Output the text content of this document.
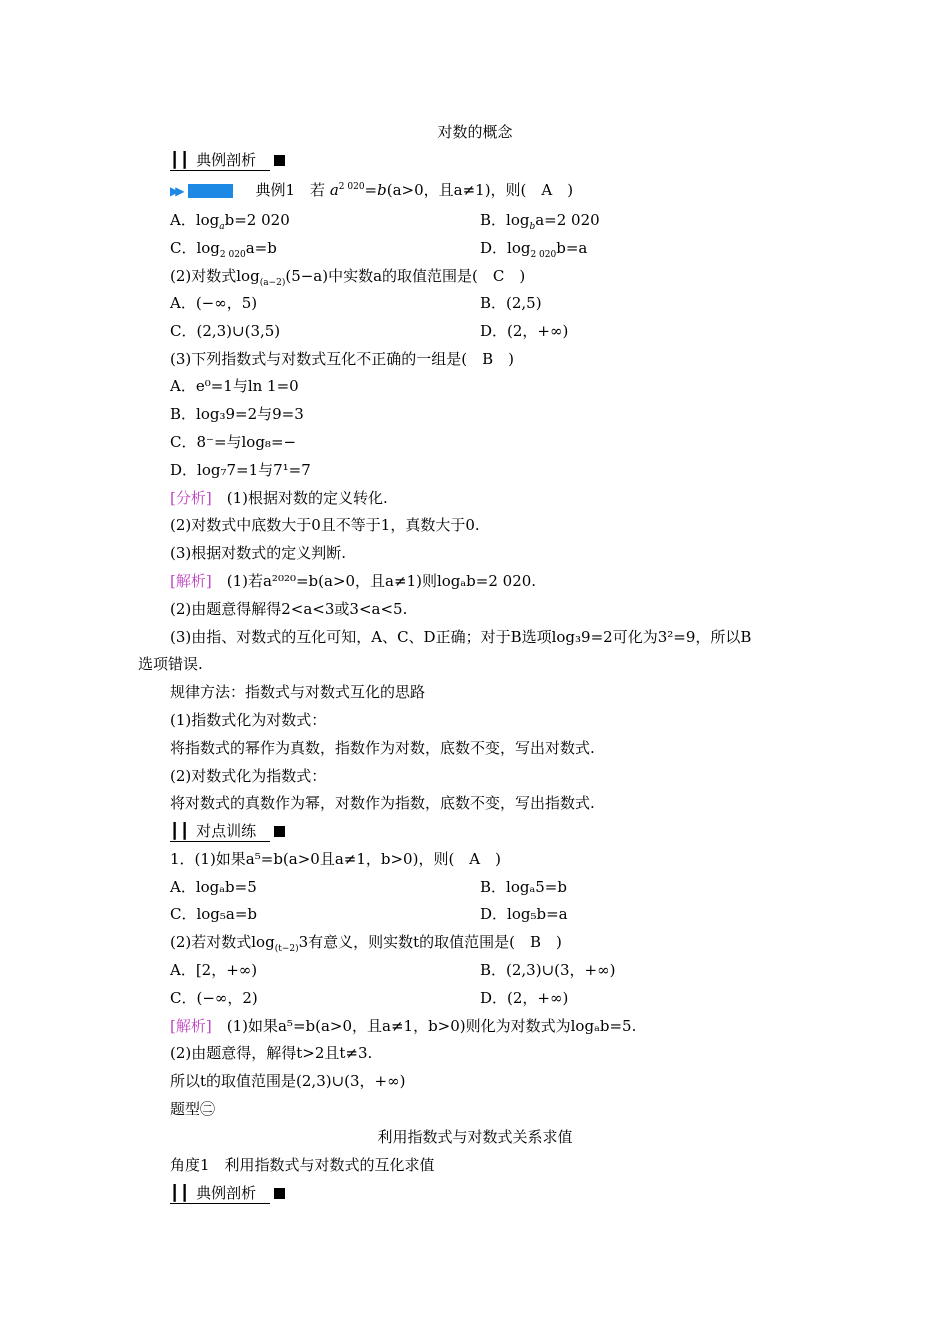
对数的概念
┃┃ 典例剖析
▶▶	典例1　 若 $a^{2 020}=b(a>0$，且a≠1)，则(　A　)
A．$\log_ab=2$ 020	B．$\log_ba=2$ 020
C．$\log_{2 020}a=b$	D．$\log_{2 020}b=a$
(2)对数式$\log_{(a-2)}(5-a)$中实数a的取值范围是(　C　)
A．(−∞，5)	B．(2,5)
C．(2,3)∪(3,5)	D．(2，+∞)
(3)下列指数式与对数式互化不正确的一组是(　B　)
A．e⁰=1与ln 1=0
B．log₃9=2与9=3
C．8⁻=与log₈=−
D．log₇7=1与7¹=7
[分析]　 (1)根据对数的定义转化.
(2)对数式中底数大于0且不等于1，真数大于0.
(3)根据对数式的定义判断.
[解析]　 (1)若a²⁰²⁰=b(a>0，且a≠1)则logₐb=2 020.
(2)由题意得解得2<a<3或3<a<5.
(3)由指、对数式的互化可知，A、C、D正确；对于B选项log₃9=2可化为3²=9，所以B
选项错误.
规律方法：指数式与对数式互化的思路
(1)指数式化为对数式：
将指数式的幂作为真数，指数作为对数，底数不变，写出对数式.
(2)对数式化为指数式：
将对数式的真数作为幂，对数作为指数，底数不变，写出指数式.
┃┃ 对点训练
1．(1)如果a⁵=b(a>0且a≠1，b>0)，则(　A　)
A．logₐb=5	B．logₐ5=b
C．log₅a=b	D．log₅b=a
(2)若对数式$\log_{(t-2)}3$有意义，则实数t的取值范围是(　B　)
A．[2，+∞)	B．(2,3)∪(3，+∞)
C．(−∞，2)	D．(2，+∞)
[解析]　 (1)如果a⁵=b(a>0，且a≠1，b>0)则化为对数式为logₐb=5.
(2)由题意得，解得t>2且t≠3.
所以t的取值范围是(2,3)∪(3，+∞)
题型㊁
利用指数式与对数式关系求值
角度1　利用指数式与对数式的互化求值
┃┃ 典例剖析
